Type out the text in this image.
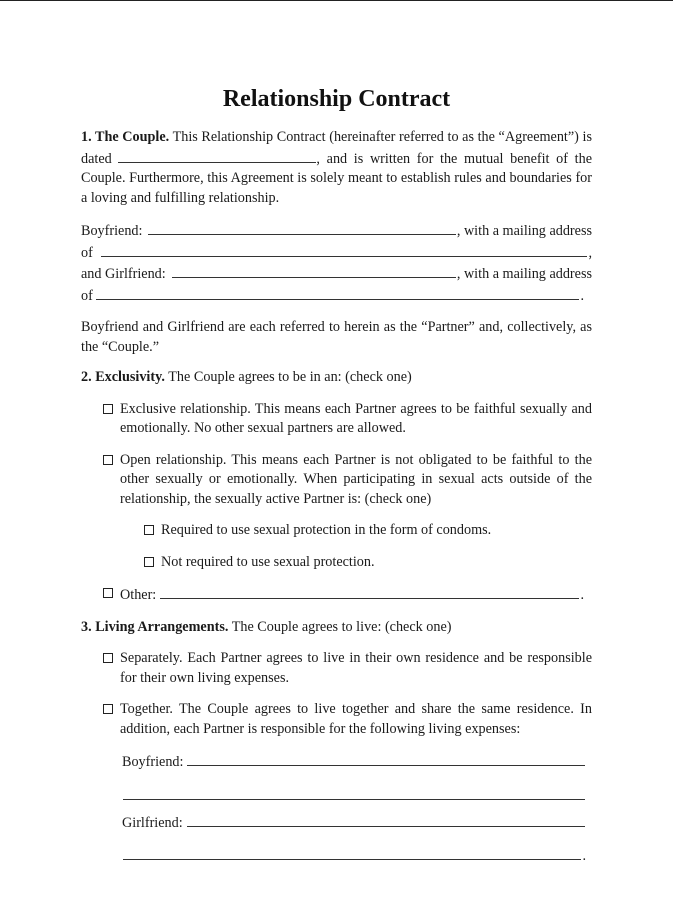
Relationship Contract

1. The Couple. This Relationship Contract (hereinafter referred to as the “Agreement”) is dated	, and is written for the mutual benefit of the Couple. Furthermore, this Agreement is solely meant to establish rules and boundaries for a loving and fulfilling relationship.

Boyfriend:	, with a mailing address
of	,
and Girlfriend:	, with a mailing address
of	.

Boyfriend and Girlfriend are each referred to herein as the “Partner” and, collectively, as the “Couple.”

2. Exclusivity. The Couple agrees to be in an: (check one)

Exclusive relationship. This means each Partner agrees to be faithful sexually and emotionally. No other sexual partners are allowed.
Open relationship. This means each Partner is not obligated to be faithful to the other sexually or emotionally. When participating in sexual acts outside of the relationship, the sexually active Partner is: (check one)
Required to use sexual protection in the form of condoms.
Not required to use sexual protection.
Other:	.

3. Living Arrangements. The Couple agrees to live: (check one)

Separately. Each Partner agrees to live in their own residence and be responsible for their own living expenses.
Together. The Couple agrees to live together and share the same residence. In addition, each Partner is responsible for the following living expenses:
Boyfriend:
Girlfriend:
.
